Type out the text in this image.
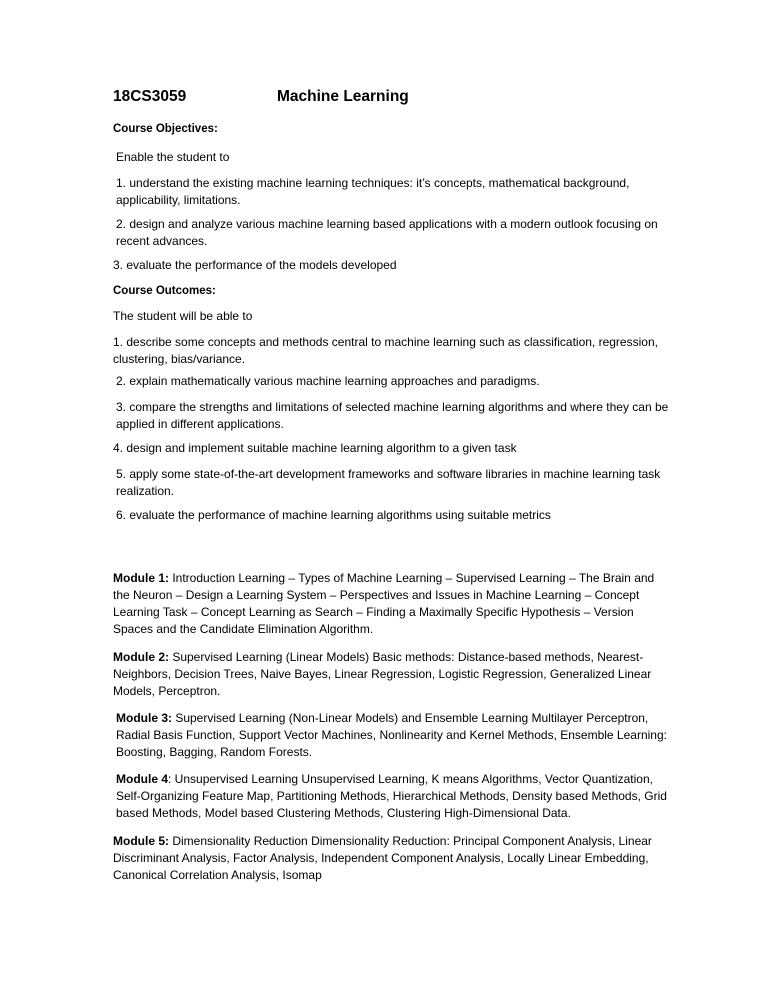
18CS3059	Machine Learning

Course Objectives:

Enable the student to

1. understand the existing machine learning techniques: it’s concepts, mathematical background, applicability, limitations.

2. design and analyze various machine learning based applications with a modern outlook focusing on recent advances.

3. evaluate the performance of the models developed

Course Outcomes:

The student will be able to

1. describe some concepts and methods central to machine learning such as classification, regression, clustering, bias/variance.

2. explain mathematically various machine learning approaches and paradigms.

3. compare the strengths and limitations of selected machine learning algorithms and where they can be applied in different applications.

4. design and implement suitable machine learning algorithm to a given task

5. apply some state-of-the-art development frameworks and software libraries in machine learning task realization.

6. evaluate the performance of machine learning algorithms using suitable metrics

Module 1: Introduction Learning – Types of Machine Learning – Supervised Learning – The Brain and the Neuron – Design a Learning System – Perspectives and Issues in Machine Learning – Concept Learning Task – Concept Learning as Search – Finding a Maximally Specific Hypothesis – Version Spaces and the Candidate Elimination Algorithm.

Module 2: Supervised Learning (Linear Models) Basic methods: Distance-based methods, Nearest-Neighbors, Decision Trees, Naive Bayes, Linear Regression, Logistic Regression, Generalized Linear Models, Perceptron.

Module 3: Supervised Learning (Non-Linear Models) and Ensemble Learning Multilayer Perceptron, Radial Basis Function, Support Vector Machines, Nonlinearity and Kernel Methods, Ensemble Learning: Boosting, Bagging, Random Forests.

Module 4: Unsupervised Learning Unsupervised Learning, K means Algorithms, Vector Quantization, Self-Organizing Feature Map, Partitioning Methods, Hierarchical Methods, Density based Methods, Grid based Methods, Model based Clustering Methods, Clustering High-Dimensional Data.

Module 5: Dimensionality Reduction Dimensionality Reduction: Principal Component Analysis, Linear Discriminant Analysis, Factor Analysis, Independent Component Analysis, Locally Linear Embedding, Canonical Correlation Analysis, Isomap
